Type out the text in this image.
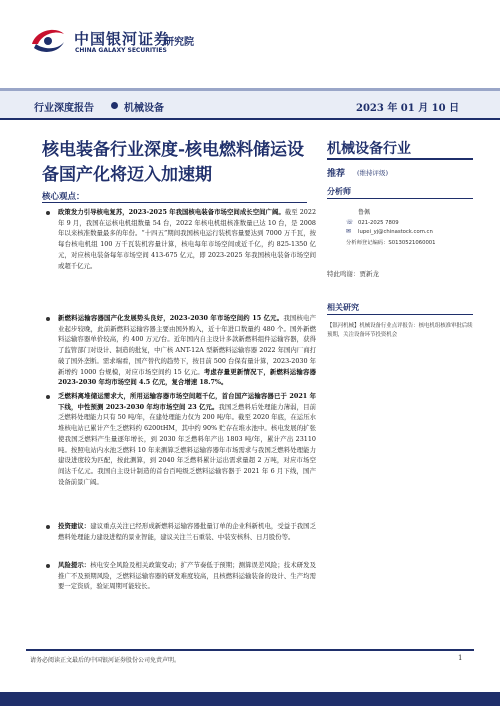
中国银河证券
CHINA GALAXY SECURITIES
研究院
行业深度报告	机械设备	2023 年 01 月 10 日
核电装备行业深度-核电燃料储运设
备国产化将迈入加速期
核心观点：
政策发力引导核电复苏，2023-2025 年我国核电装备市场空间成长空间广阔。截至 2022 年 9 月，我国在运核电机组数量 54 台，2022 年核电机组核准数量已达 10 台，是 2008 年以来核准数量最多的年份。“十四五”期间我国核电运行装机容量要达到 7000 万千瓦，按每台核电机组 100 万千瓦装机容量计算，核电每年市场空间或近千亿，约 825-1350 亿元，对应核电装备每年市场空间 413-675 亿元，即 2023-2025 年我国核电装备市场空间或超千亿元。
新燃料运输容器国产化发展势头良好，2023-2030 年市场空间约 15 亿元。我国核电产业起步较晚，此前新燃料运输容器主要由国外购入，近十年进口数量约 480 个。国外新燃料运输容器单价较高，约 400 万元/台。近年国内自主设计多款新燃料组件运输容器，获得了监管部门对设计、制造的批复，中广核 ANT-12A 型新燃料运输容器 2022 年国内厂商打破了国外垄断。需求端看，国产替代的趋势下，按目前 500 台保有量计算，2023-2030 年新增约 1000 台规模，对应市场空间约 15 亿元。考虑存量更新情况下，新燃料运输容器 2023-2030 年均市场空间 4.5 亿元，复合增速 18.7%。
乏燃料离堆储运需求大，所用运输容器市场空间超千亿，首台国产运输容器已于 2021 年下线，中性预测 2023-2030 年均市场空间 23 亿元。我国乏燃料后处理能力薄弱，目前乏燃料处理能力只有 50 吨/年，在建处理能力仅为 200 吨/年。截至 2020 年底，在运压水堆核电站已累计产生乏燃料约 6200tHM，其中约 90% 贮存在堆水池中。核电发展的扩张使我国乏燃料产生量逐年增长，到 2030 年乏燃料年产出 1803 吨/年，累计产出 23110 吨。按照电站内水池乏燃料 10 年来测算乏燃料运输容器年市场需求与我国乏燃料处理能力建设进度较为匹配，按此测算，到 2040 年乏燃料累计运出需求量超 2 万吨，对应市场空间达千亿元。我国自主设计制造的首台百吨级乏燃料运输容器于 2021 年 6 月下线，国产设备前景广阔。
投资建议：建议重点关注已经形成新燃料运输容器批量订单的企业科新机电，受益于我国乏燃料处理能力建设进程的景业智能，建议关注兰石重装、中装安核科、日月股份等。
风险提示：核电安全风险及相关政策变动；扩产节奏低于预期；测算误差风险；技术研发及推广不及预期风险，乏燃料运输容器的研发难度较高，且核燃料运输装备的设计、生产均需要一定资质，验证周期可能较长。
机械设备行业
推荐 (维持评级)
分析师
鲁佩
☏ 021-2025 7809
✉	lupei_yj@chinastock.com.cn
分析师登记编码：S0130521060001
特此鸣谢：贾新龙
相关研究
【银河机械】机械设备行业点评报告：核电机组核准审批后续预期，关注设备环节投资机会
请务必阅读正文最后的中国银河证券股份公司免责声明。	1
